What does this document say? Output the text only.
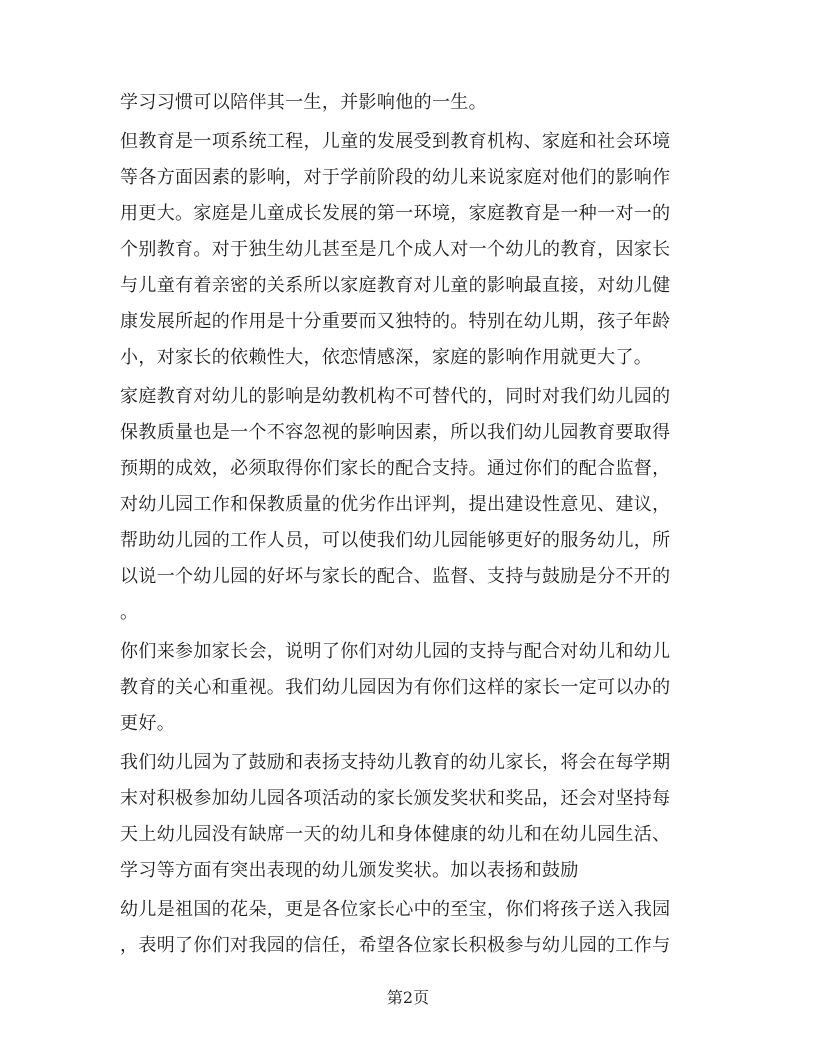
学习习惯可以陪伴其一生，并影响他的一生。
但教育是一项系统工程，儿童的发展受到教育机构、家庭和社会环境
等各方面因素的影响，对于学前阶段的幼儿来说家庭对他们的影响作
用更大。家庭是儿童成长发展的第一环境，家庭教育是一种一对一的
个别教育。对于独生幼儿甚至是几个成人对一个幼儿的教育，因家长
与儿童有着亲密的关系所以家庭教育对儿童的影响最直接，对幼儿健
康发展所起的作用是十分重要而又独特的。特别在幼儿期，孩子年龄
小，对家长的依赖性大，依恋情感深，家庭的影响作用就更大了。
家庭教育对幼儿的影响是幼教机构不可替代的，同时对我们幼儿园的
保教质量也是一个不容忽视的影响因素，所以我们幼儿园教育要取得
预期的成效，必须取得你们家长的配合支持。通过你们的配合监督，
对幼儿园工作和保教质量的优劣作出评判，提出建设性意见、建议，
帮助幼儿园的工作人员，可以使我们幼儿园能够更好的服务幼儿，所
以说一个幼儿园的好坏与家长的配合、监督、支持与鼓励是分不开的
。
你们来参加家长会，说明了你们对幼儿园的支持与配合对幼儿和幼儿
教育的关心和重视。我们幼儿园因为有你们这样的家长一定可以办的
更好。
我们幼儿园为了鼓励和表扬支持幼儿教育的幼儿家长，将会在每学期
末对积极参加幼儿园各项活动的家长颁发奖状和奖品，还会对坚持每
天上幼儿园没有缺席一天的幼儿和身体健康的幼儿和在幼儿园生活、
学习等方面有突出表现的幼儿颁发奖状。加以表扬和鼓励
幼儿是祖国的花朵，更是各位家长心中的至宝，你们将孩子送入我园
，表明了你们对我园的信任，希望各位家长积极参与幼儿园的工作与
第2页
